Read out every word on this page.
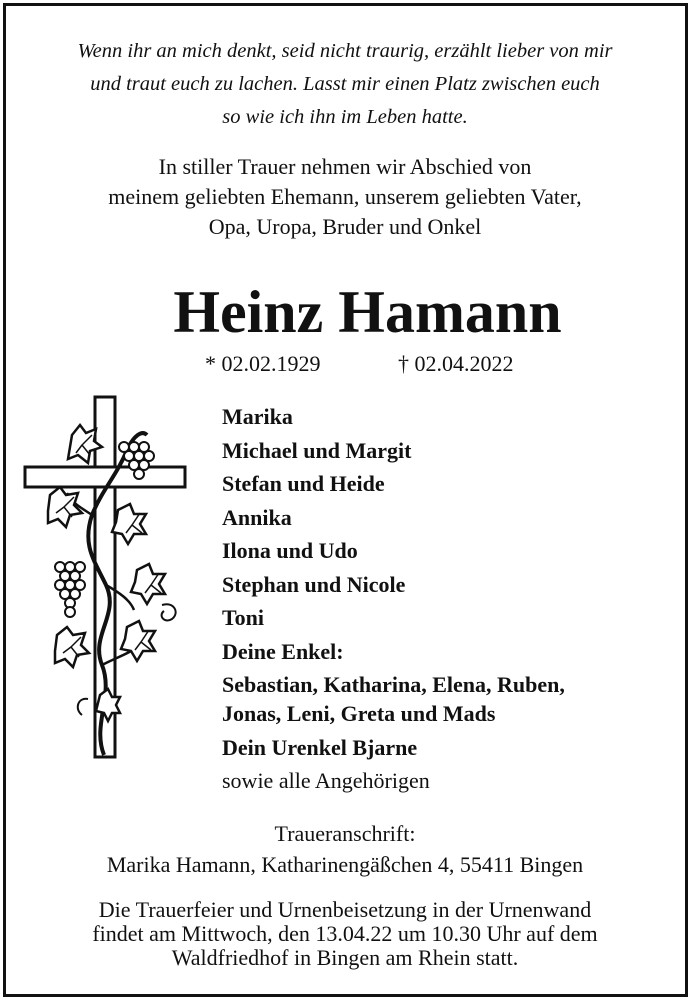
Wenn ihr an mich denkt, seid nicht traurig, erzählt lieber von mir
und traut euch zu lachen. Lasst mir einen Platz zwischen euch
so wie ich ihn im Leben hatte.
In stiller Trauer nehmen wir Abschied von
meinem geliebten Ehemann, unserem geliebten Vater,
Opa, Uropa, Bruder und Onkel
Heinz Hamann
* 02.02.1929	† 02.04.2022
Marika
Michael und Margit
Stefan und Heide
Annika
Ilona und Udo
Stephan und Nicole
Toni
Deine Enkel:
Sebastian, Katharina, Elena, Ruben,
Jonas, Leni, Greta und Mads
Dein Urenkel Bjarne
sowie alle Angehörigen
Traueranschrift:
Marika Hamann, Katharinengäßchen 4, 55411 Bingen
Die Trauerfeier und Urnenbeisetzung in der Urnenwand
findet am Mittwoch, den 13.04.22 um 10.30 Uhr auf dem
Waldfriedhof in Bingen am Rhein statt.
